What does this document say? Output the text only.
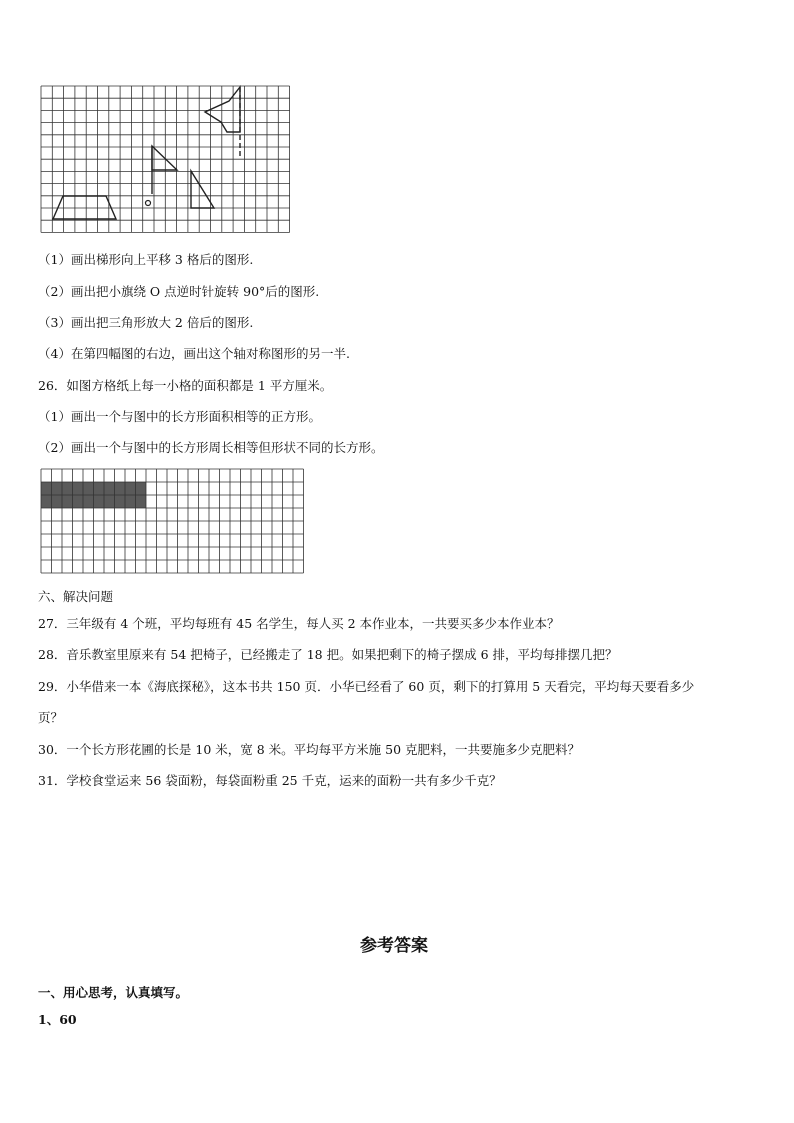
（1）画出梯形向上平移 3 格后的图形.
（2）画出把小旗绕 O 点逆时针旋转 90°后的图形.
（3）画出把三角形放大 2 倍后的图形.
（4）在第四幅图的右边，画出这个轴对称图形的另一半.
26．如图方格纸上每一小格的面积都是 1 平方厘米。
（1）画出一个与图中的长方形面积相等的正方形。
（2）画出一个与图中的长方形周长相等但形状不同的长方形。
六、解决问题
27．三年级有 4 个班，平均每班有 45 名学生，每人买 2 本作业本，一共要买多少本作业本？
28．音乐教室里原来有 54 把椅子，已经搬走了 18 把。如果把剩下的椅子摆成 6 排，平均每排摆几把？
29．小华借来一本《海底探秘》，这本书共 150 页．小华已经看了 60 页，剩下的打算用 5 天看完，平均每天要看多少
页？
30．一个长方形花圃的长是 10 米，宽 8 米。平均每平方米施 50 克肥料，一共要施多少克肥料？
31．学校食堂运来 56 袋面粉，每袋面粉重 25 千克，运来的面粉一共有多少千克？
参考答案
一、用心思考，认真填写。
1、60
